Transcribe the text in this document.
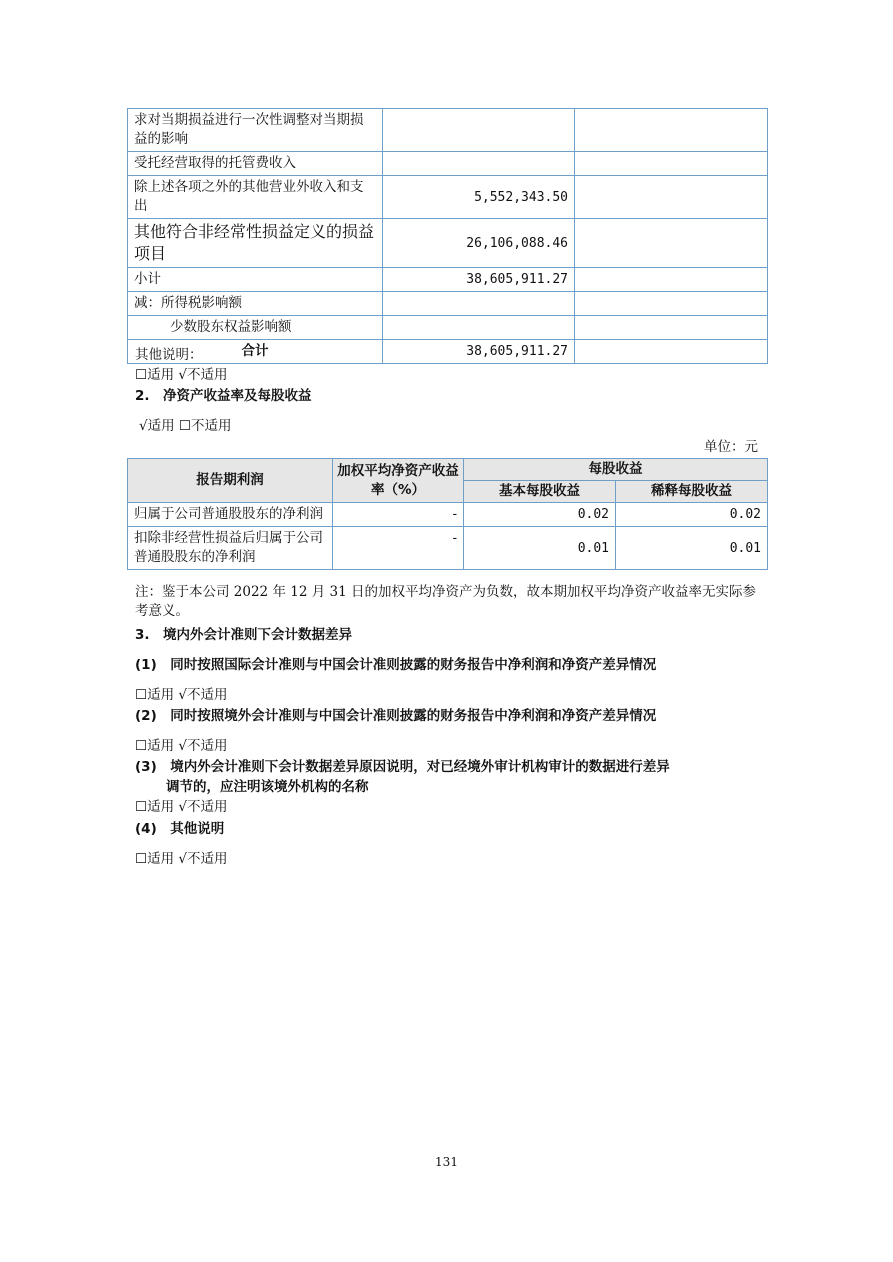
求对当期损益进行一次性调整对当期损益的影响		
受托经营取得的托管费收入		
除上述各项之外的其他营业外收入和支出	5,552,343.50	
其他符合非经常性损益定义的损益项目	26,106,088.46	
小计	38,605,911.27	
减：所得税影响额		
少数股东权益影响额		
合计	38,605,911.27	
其他说明：
☐适用 √不适用
2.　净资产收益率及每股收益
√适用 ☐不适用
单位：元
报告期利润	加权平均净资产收益率（%）	每股收益	
		基本每股收益	稀释每股收益
归属于公司普通股股东的净利润	-	0.02	0.02
扣除非经营性损益后归属于公司普通股股东的净利润	-	0.01	0.01
注：鉴于本公司 2022 年 12 月 31 日的加权平均净资产为负数，故本期加权平均净资产收益率无实际参考意义。
3.　境内外会计准则下会计数据差异
(1)　同时按照国际会计准则与中国会计准则披露的财务报告中净利润和净资产差异情况
☐适用 √不适用
(2)　同时按照境外会计准则与中国会计准则披露的财务报告中净利润和净资产差异情况
☐适用 √不适用
(3)　境内外会计准则下会计数据差异原因说明，对已经境外审计机构审计的数据进行差异
调节的，应注明该境外机构的名称
☐适用 √不适用
(4)　其他说明
☐适用 √不适用
131
